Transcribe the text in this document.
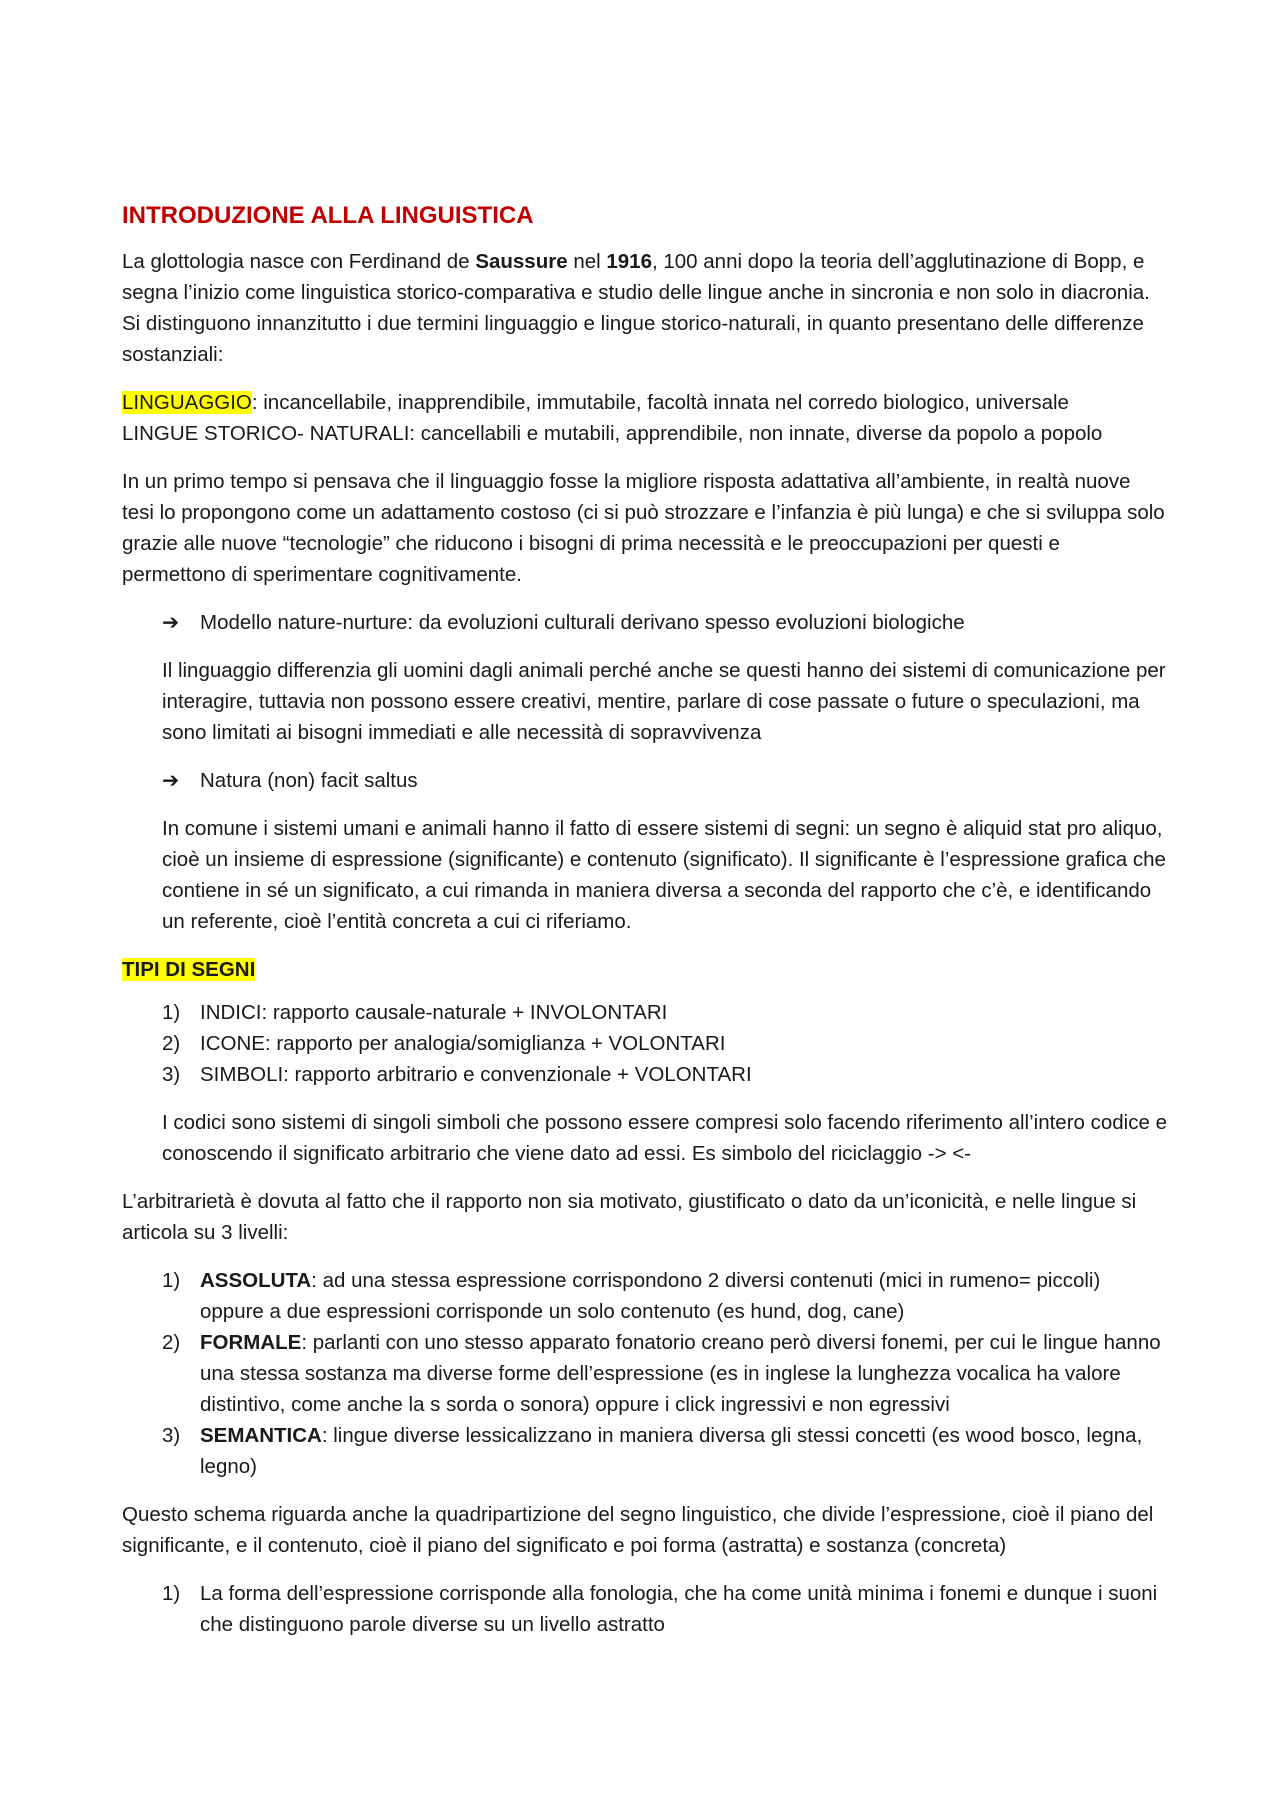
INTRODUZIONE ALLA LINGUISTICA

La glottologia nasce con Ferdinand de Saussure nel 1916, 100 anni dopo la teoria dell’agglutinazione di Bopp, e segna l’inizio come linguistica storico-comparativa e studio delle lingue anche in sincronia e non solo in diacronia. Si distinguono innanzitutto i due termini linguaggio e lingue storico-naturali, in quanto presentano delle differenze sostanziali:

LINGUAGGIO: incancellabile, inapprendibile, immutabile, facoltà innata nel corredo biologico, universale
LINGUE STORICO- NATURALI: cancellabili e mutabili, apprendibile, non innate, diverse da popolo a popolo

In un primo tempo si pensava che il linguaggio fosse la migliore risposta adattativa all’ambiente, in realtà nuove tesi lo propongono come un adattamento costoso (ci si può strozzare e l’infanzia è più lunga) e che si sviluppa solo grazie alle nuove “tecnologie” che riducono i bisogni di prima necessità e le preoccupazioni per questi e permettono di sperimentare cognitivamente.

➔	Modello nature-nurture: da evoluzioni culturali derivano spesso evoluzioni biologiche

Il linguaggio differenzia gli uomini dagli animali perché anche se questi hanno dei sistemi di comunicazione per interagire, tuttavia non possono essere creativi, mentire, parlare di cose passate o future o speculazioni, ma sono limitati ai bisogni immediati e alle necessità di sopravvivenza

➔	Natura (non) facit saltus

In comune i sistemi umani e animali hanno il fatto di essere sistemi di segni: un segno è aliquid stat pro aliquo, cioè un insieme di espressione (significante) e contenuto (significato). Il significante è l’espressione grafica che contiene in sé un significato, a cui rimanda in maniera diversa a seconda del rapporto che c’è, e identificando un referente, cioè l’entità concreta a cui ci riferiamo.

TIPI DI SEGNI

1) INDICI: rapporto causale-naturale + INVOLONTARI
2) ICONE: rapporto per analogia/somiglianza + VOLONTARI
3) SIMBOLI: rapporto arbitrario e convenzionale + VOLONTARI

I codici sono sistemi di singoli simboli che possono essere compresi solo facendo riferimento all’intero codice e conoscendo il significato arbitrario che viene dato ad essi. Es simbolo del riciclaggio -> <-

L’arbitrarietà è dovuta al fatto che il rapporto non sia motivato, giustificato o dato da un’iconicità, e nelle lingue si articola su 3 livelli:

1) ASSOLUTA: ad una stessa espressione corrispondono 2 diversi contenuti (mici in rumeno= piccoli) oppure a due espressioni corrisponde un solo contenuto (es hund, dog, cane)
2) FORMALE: parlanti con uno stesso apparato fonatorio creano però diversi fonemi, per cui le lingue hanno una stessa sostanza ma diverse forme dell’espressione (es in inglese la lunghezza vocalica ha valore distintivo, come anche la s sorda o sonora) oppure i click ingressivi e non egressivi
3) SEMANTICA: lingue diverse lessicalizzano in maniera diversa gli stessi concetti (es wood bosco, legna, legno)

Questo schema riguarda anche la quadripartizione del segno linguistico, che divide l’espressione, cioè il piano del significante, e il contenuto, cioè il piano del significato e poi forma (astratta) e sostanza (concreta)

1) La forma dell’espressione corrisponde alla fonologia, che ha come unità minima i fonemi e dunque i suoni che distinguono parole diverse su un livello astratto
